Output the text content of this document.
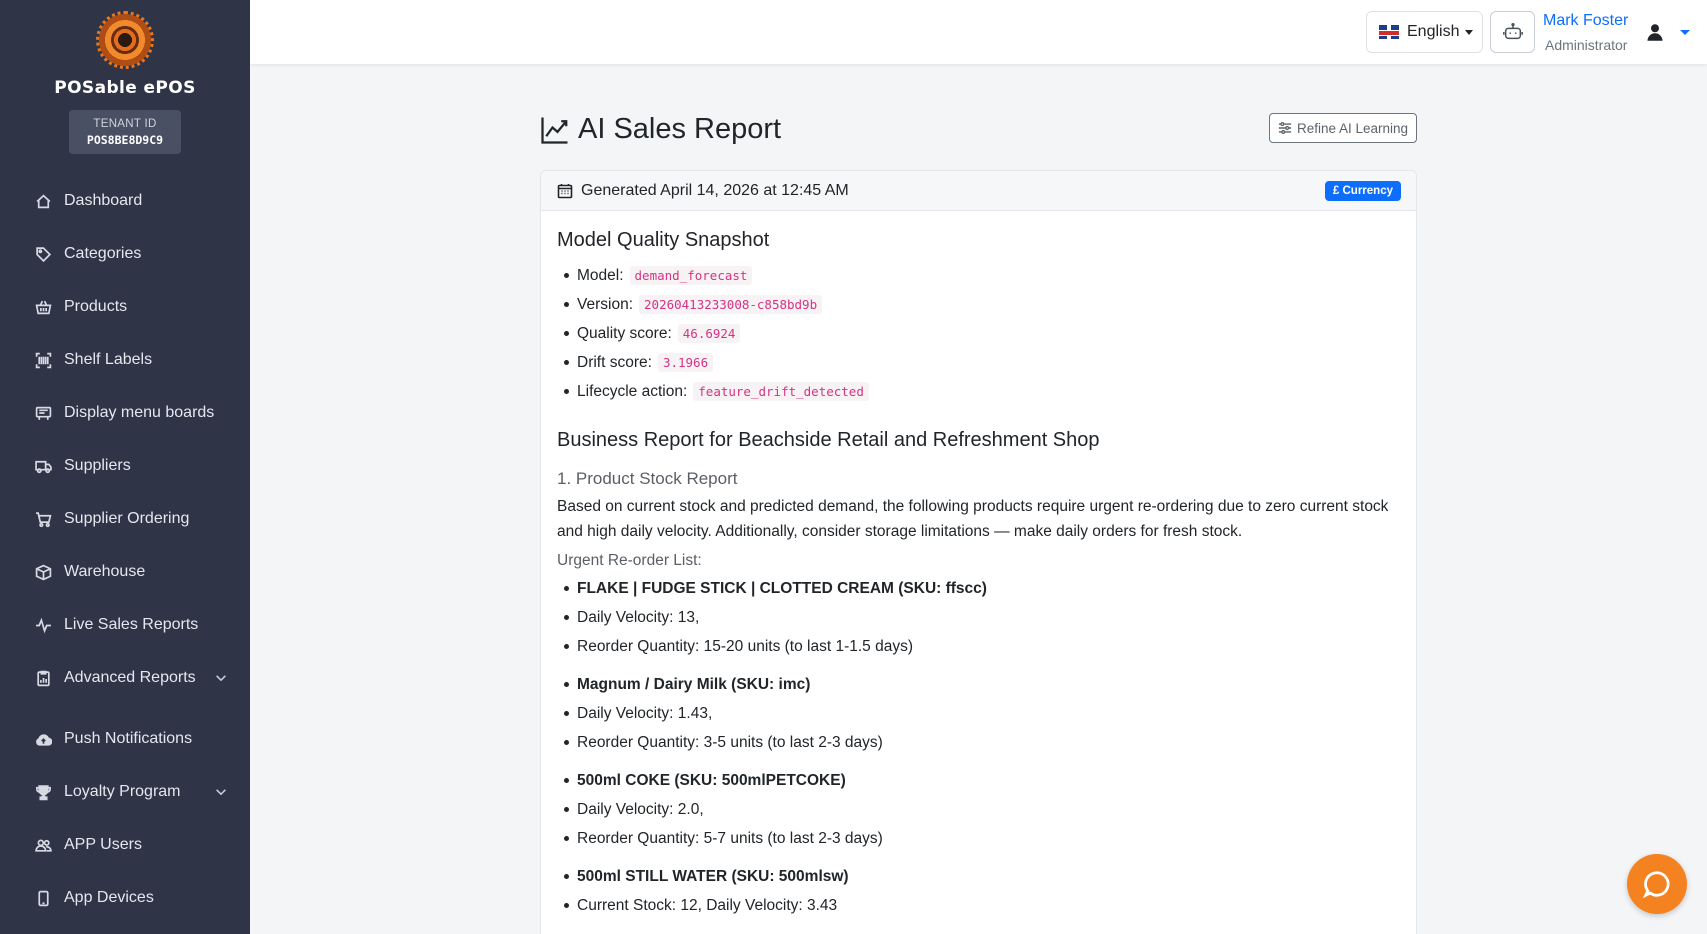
POSable ePOS
TENANT ID
POS8BE8D9C9
Dashboard
Categories
Products
Shelf Labels
Display menu boards
Suppliers
Supplier Ordering
Warehouse
Live Sales Reports
Advanced Reports
Push Notifications
Loyalty Program
APP Users
App Devices
English
Mark Foster
Administrator
AI Sales Report	Refine AI Learning
Generated April 14, 2026 at 12:45 AM	£ Currency
Model Quality Snapshot
Model: demand_forecast
Version: 20260413233008-c858bd9b
Quality score: 46.6924
Drift score: 3.1966
Lifecycle action: feature_drift_detected
Business Report for Beachside Retail and Refreshment Shop
1. Product Stock Report

Based on current stock and predicted demand, the following products require urgent re-ordering due to zero current stock and high daily velocity. Additionally, consider storage limitations — make daily orders for fresh stock.

Urgent Re-order List:
FLAKE | FUDGE STICK | CLOTTED CREAM (SKU: ffscc)
Daily Velocity: 13,
Reorder Quantity: 15-20 units (to last 1-1.5 days)
Magnum / Dairy Milk (SKU: imc)
Daily Velocity: 1.43,
Reorder Quantity: 3-5 units (to last 2-3 days)
500ml COKE (SKU: 500mlPETCOKE)
Daily Velocity: 2.0,
Reorder Quantity: 5-7 units (to last 2-3 days)
500ml STILL WATER (SKU: 500mlsw)
Current Stock: 12, Daily Velocity: 3.43
